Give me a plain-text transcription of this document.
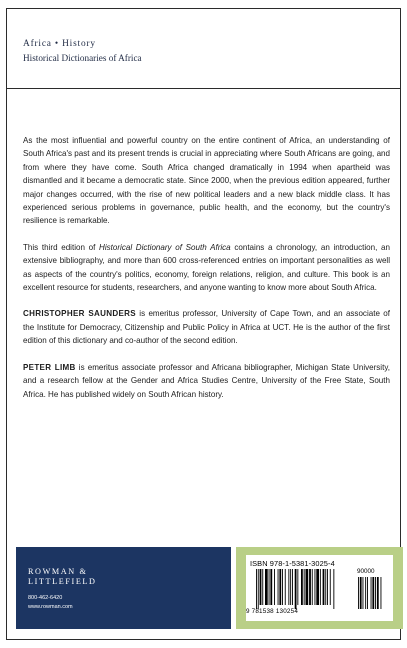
Africa • History
Historical Dictionaries of Africa

As the most influential and powerful country on the entire continent of Africa, an understanding of South Africa's past and its present trends is crucial in appreciating where South Africans are going, and from where they have come. South Africa changed dramatically in 1994 when apartheid was dismantled and it became a democratic state. Since 2000, when the previous edition appeared, further major changes occurred, with the rise of new political leaders and a new black middle class. It has experienced serious problems in governance, public health, and the economy, but the country's resilience is remarkable.

This third edition of Historical Dictionary of South Africa contains a chronology, an introduction, an extensive bibliography, and more than 600 cross-referenced entries on important personalities as well as aspects of the country's politics, economy, foreign relations, religion, and culture. This book is an excellent resource for students, researchers, and anyone wanting to know more about South Africa.

CHRISTOPHER SAUNDERS is emeritus professor, University of Cape Town, and an associate of the Institute for Democracy, Citizenship and Public Policy in Africa at UCT. He is the author of the first edition of this dictionary and co-author of the second edition.

PETER LIMB is emeritus associate professor and Africana bibliographer, Michigan State University, and a research fellow at the Gender and Africa Studies Centre, University of the Free State, South Africa. He has published widely on South African history.

ROWMAN &
LITTLEFIELD
800-462-6420
www.rowman.com
ISBN 978-1-5381-3025-4
90000
9 781538 130254
